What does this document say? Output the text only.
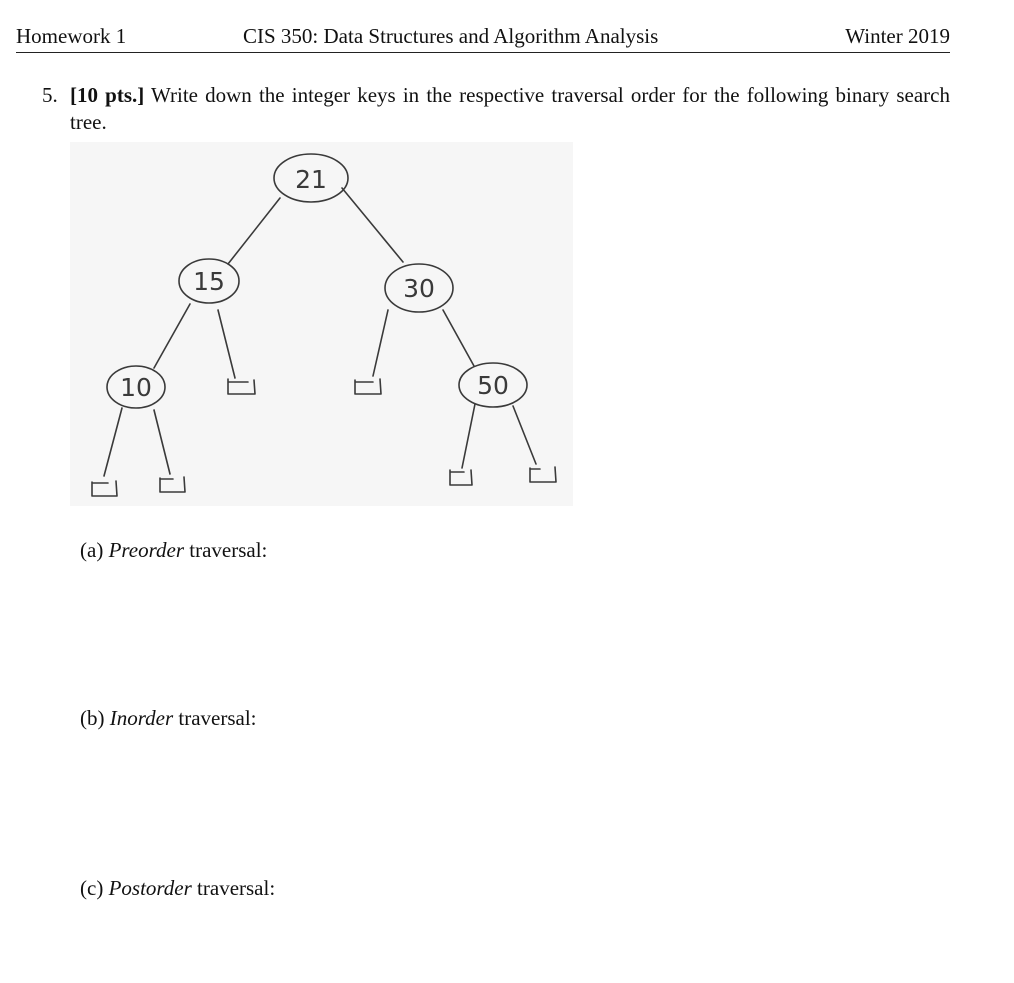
Homework 1	CIS 350: Data Structures and Algorithm Analysis	Winter 2019
5. [10 pts.] Write down the integer keys in the respective traversal order for the following binary search tree.
21
15	30
10	50
(a) Preorder traversal:
(b) Inorder traversal:
(c) Postorder traversal:
